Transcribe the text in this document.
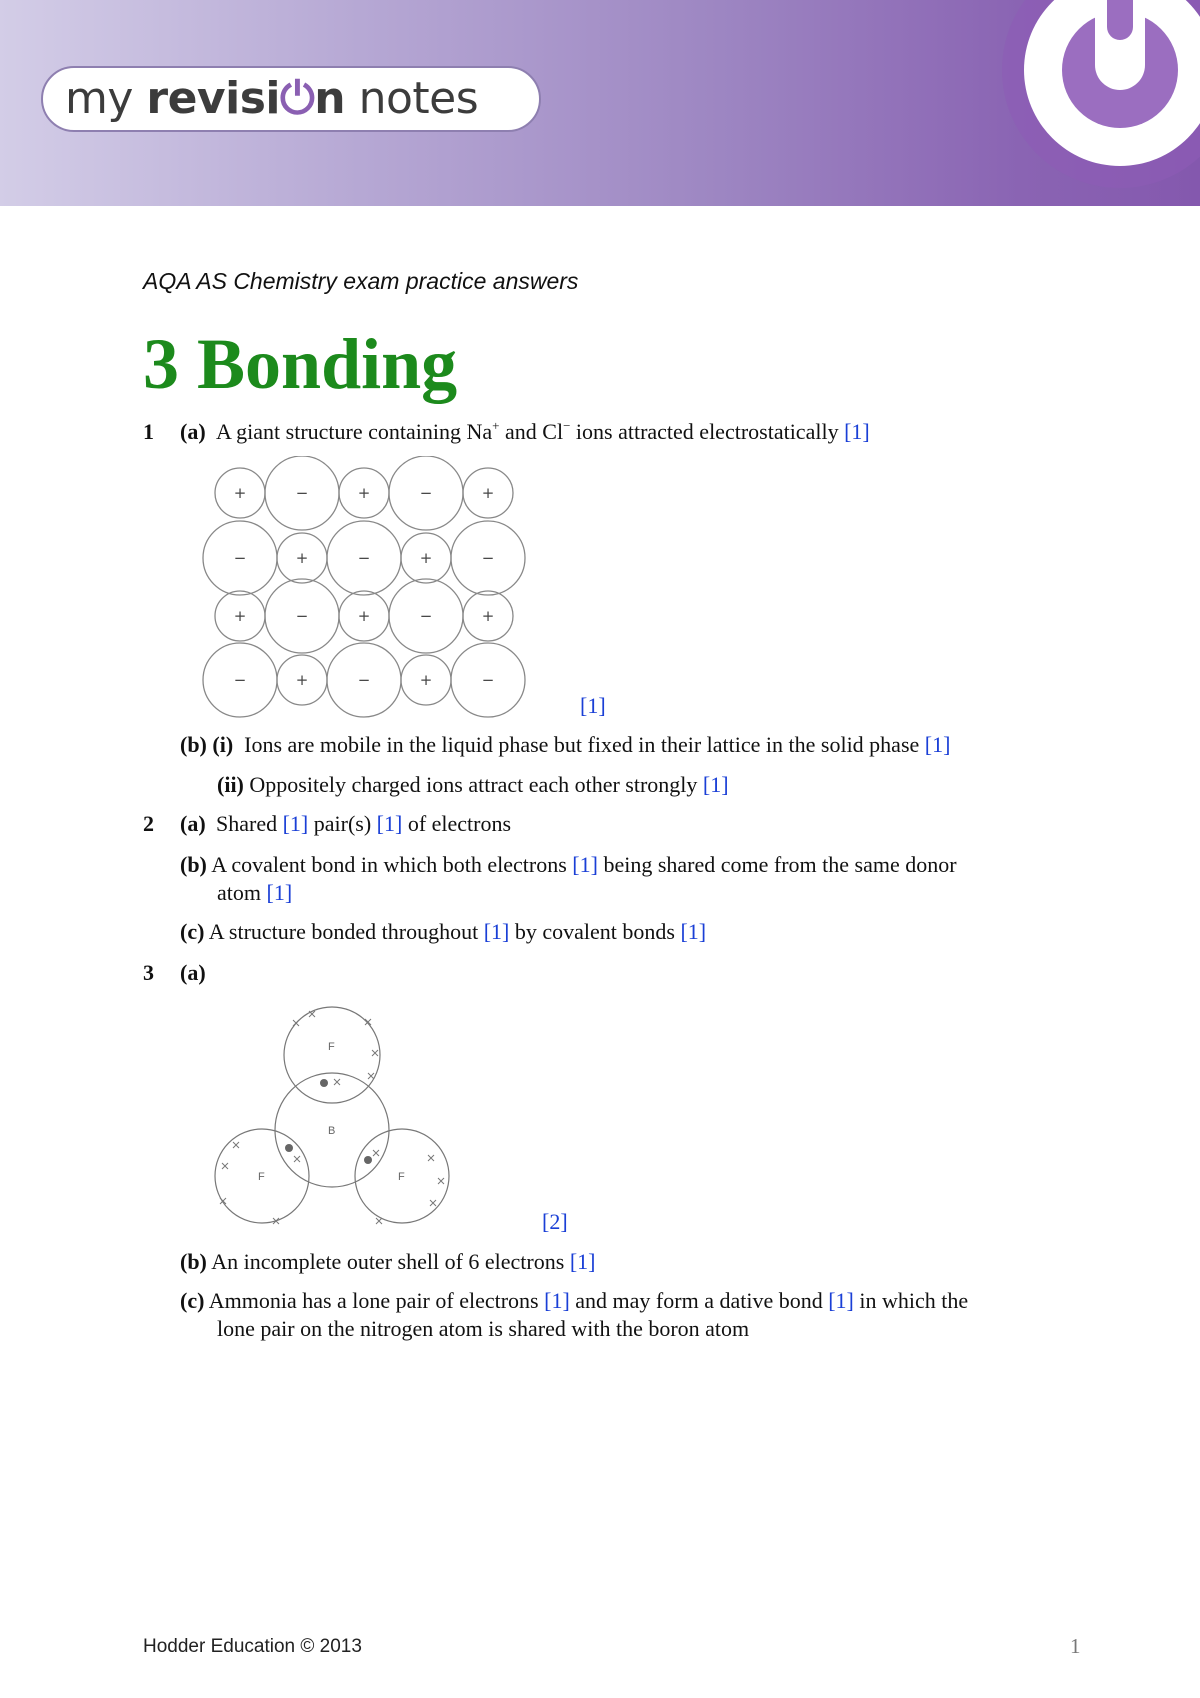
my revisi⏻n notes
AQA AS Chemistry exam practice answers
3 Bonding
1 (a) A giant structure containing Na+ and Cl− ions attracted electrostatically [1]
+	−	+	−	+
−	+	−	+	−
+	−	+	−	+
−	+	−	+	−
[1]
(b) (i) Ions are mobile in the liquid phase but fixed in their lattice in the solid phase [1]
(ii) Oppositely charged ions attract each other strongly [1]
2 (a) Shared [1] pair(s) [1] of electrons
(b) A covalent bond in which both electrons [1] being shared come from the same donor
atom [1]
(c) A structure bonded throughout [1] by covalent bonds [1]
3 (a)
F
B
F	F
[2]
(b) An incomplete outer shell of 6 electrons [1]
(c) Ammonia has a lone pair of electrons [1] and may form a dative bond [1] in which the
lone pair on the nitrogen atom is shared with the boron atom
Hodder Education © 2013	1
